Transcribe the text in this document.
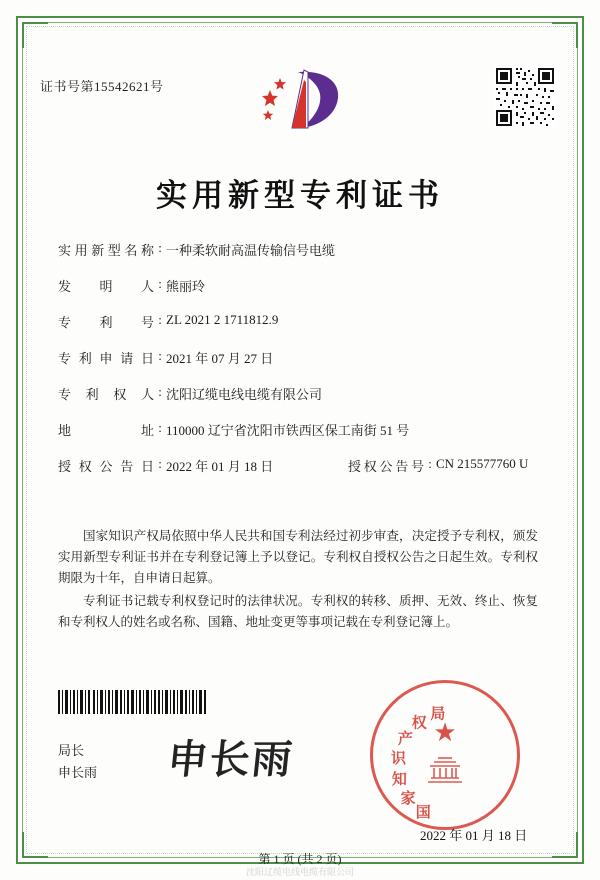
证书号第15542621号
实用新型专利证书
实用新型名称 : 一种柔软耐高温传输信号电缆
发明人 : 熊丽玲
专利号 : ZL 2021 2 1711812.9
专利申请日 : 2021 年 07 月 27 日
专利权人 : 沈阳辽缆电线电缆有限公司
地址 : 110000 辽宁省沈阳市铁西区保工南街 51 号
授权公告日 : 2022 年 01 月 18 日	授权公告号 : CN 215577760 U

国家知识产权局依照中华人民共和国专利法经过初步审查，决定授予专利权，颁发实用新型专利证书并在专利登记簿上予以登记。专利权自授权公告之日起生效。专利权期限为十年，自申请日起算。

专利证书记载专利权登记时的法律状况。专利权的转移、质押、无效、终止、恢复和专利权人的姓名或名称、国籍、地址变更等事项记载在专利登记簿上。

局长
申长雨 申长雨
★
国
家
知
识
产
权
局
2022 年 01 月 18 日
第 1 页 (共 2 页)
沈阳辽缆电线电缆有限公司
